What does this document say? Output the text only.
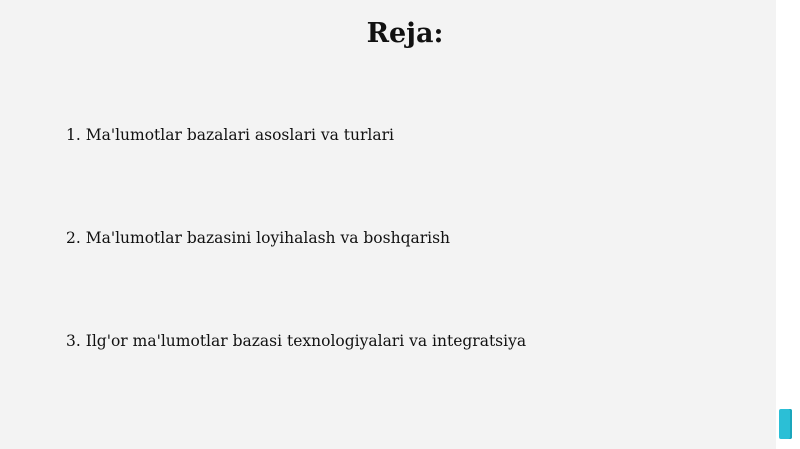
Reja:
1. Ma'lumotlar bazalari asoslari va turlari
2. Ma'lumotlar bazasini loyihalash va boshqarish
3. Ilg'or ma'lumotlar bazasi texnologiyalari va integratsiya
